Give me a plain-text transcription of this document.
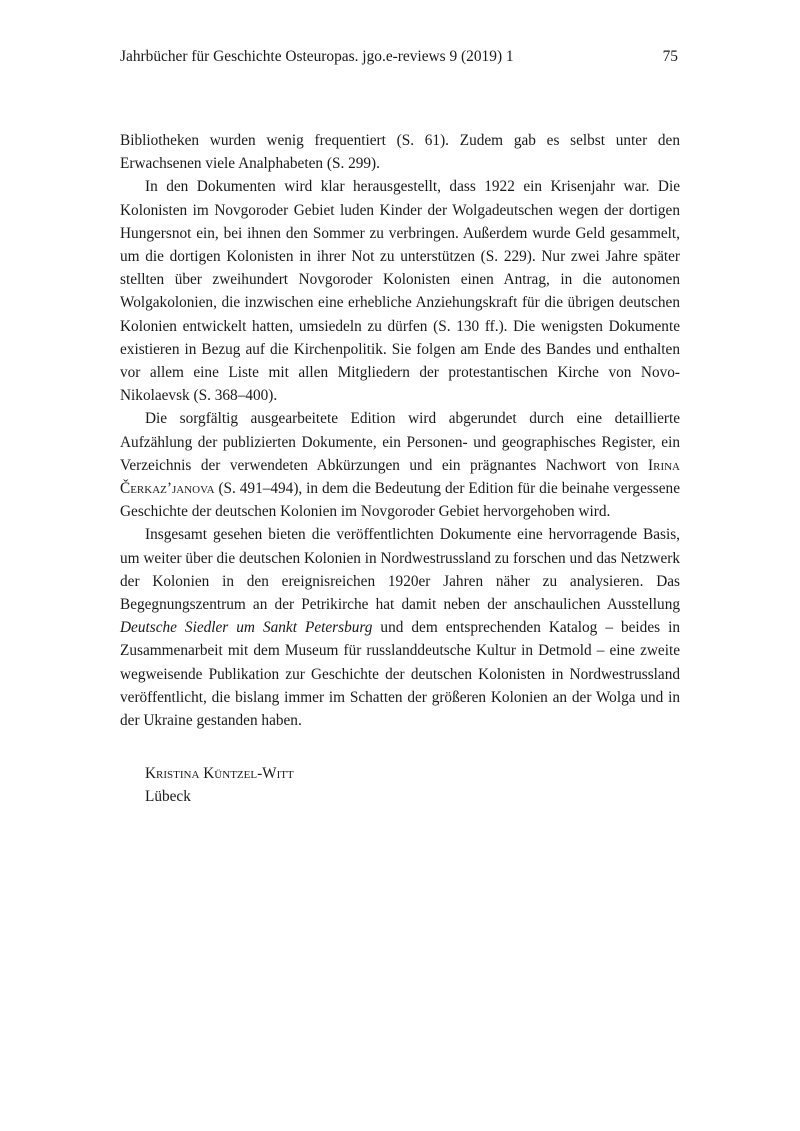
Jahrbücher für Geschichte Osteuropas. jgo.e-reviews 9 (2019) 1	75

Bibliotheken wurden wenig frequentiert (S. 61). Zudem gab es selbst unter den Erwachsenen viele Analphabeten (S. 299).

In den Dokumenten wird klar herausgestellt, dass 1922 ein Krisenjahr war. Die Kolonisten im Novgoroder Gebiet luden Kinder der Wolgadeutschen wegen der dortigen Hungersnot ein, bei ihnen den Sommer zu verbringen. Außerdem wurde Geld gesammelt, um die dortigen Kolonisten in ihrer Not zu unterstützen (S. 229). Nur zwei Jahre später stellten über zweihundert Novgoroder Kolonisten einen Antrag, in die autonomen Wolgakolonien, die inzwischen eine erhebliche Anziehungskraft für die übrigen deutschen Kolonien entwickelt hatten, umsiedeln zu dürfen (S. 130 ff.). Die wenigsten Dokumente existieren in Bezug auf die Kirchenpolitik. Sie folgen am Ende des Bandes und enthalten vor allem eine Liste mit allen Mitgliedern der protestantischen Kirche von Novo-Nikolaevsk (S. 368–400).

Die sorgfältig ausgearbeitete Edition wird abgerundet durch eine detaillierte Aufzählung der publizierten Dokumente, ein Personen- und geographisches Register, ein Verzeichnis der verwendeten Abkürzungen und ein prägnantes Nachwort von Irina Čerkaz’janova (S. 491–494), in dem die Bedeutung der Edition für die beinahe vergessene Geschichte der deutschen Kolonien im Novgoroder Gebiet hervorgehoben wird.

Insgesamt gesehen bieten die veröffentlichten Dokumente eine hervorragende Basis, um weiter über die deutschen Kolonien in Nordwestrussland zu forschen und das Netzwerk der Kolonien in den ereignisreichen 1920er Jahren näher zu analysieren. Das Begegnungszentrum an der Petrikirche hat damit neben der anschaulichen Ausstellung Deutsche Siedler um Sankt Petersburg und dem entsprechenden Katalog – beides in Zusammenarbeit mit dem Museum für russlanddeutsche Kultur in Detmold – eine zweite wegweisende Publikation zur Geschichte der deutschen Kolonisten in Nordwestrussland veröffentlicht, die bislang immer im Schatten der größeren Kolonien an der Wolga und in der Ukraine gestanden haben.

Kristina Küntzel-Witt
Lübeck
